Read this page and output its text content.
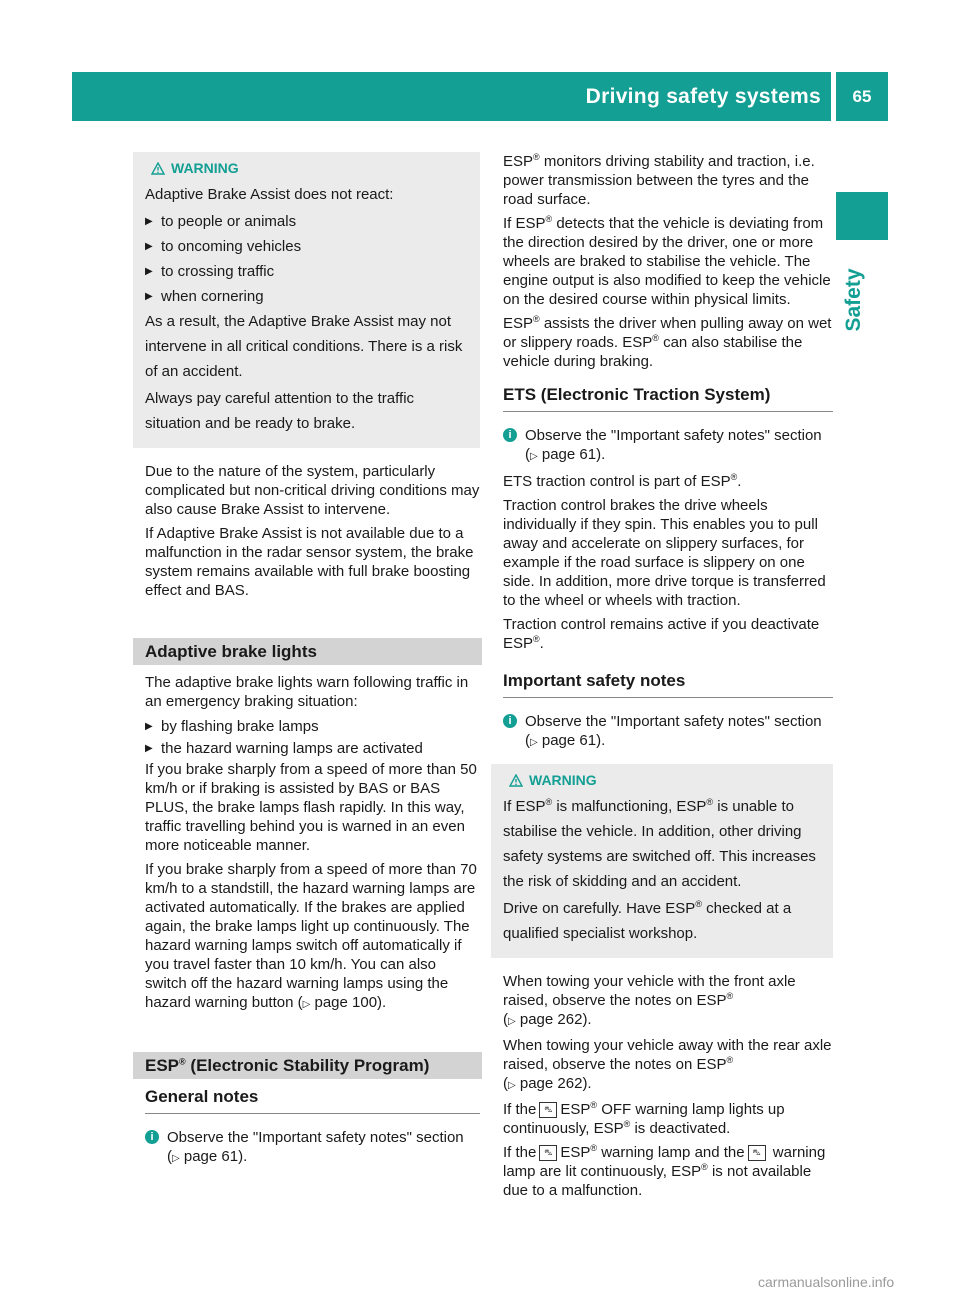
Driving safety systems	65
Safety
WARNING

Adaptive Brake Assist does not react:

▶ to people or animals
▶ to oncoming vehicles
▶ to crossing traffic
▶ when cornering

As a result, the Adaptive Brake Assist may not intervene in all critical conditions. There is a risk of an accident.

Always pay careful attention to the traffic situation and be ready to brake.

Due to the nature of the system, particularly complicated but non-critical driving conditions may also cause Brake Assist to intervene.

If Adaptive Brake Assist is not available due to a malfunction in the radar sensor system, the brake system remains available with full brake boosting effect and BAS.

Adaptive brake lights

The adaptive brake lights warn following traffic in an emergency braking situation:

▶ by flashing brake lamps
▶ the hazard warning lamps are activated

If you brake sharply from a speed of more than 50 km/h or if braking is assisted by BAS or BAS PLUS, the brake lamps flash rapidly. In this way, traffic travelling behind you is warned in an even more noticeable manner.

If you brake sharply from a speed of more than 70 km/h to a standstill, the hazard warning lamps are activated automatically. If the brakes are applied again, the brake lamps light up continuously. The hazard warning lamps switch off automatically if you travel faster than 10 km/h. You can also switch off the hazard warning lamps using the hazard warning button (▷ page 100).

ESP® (Electronic Stability Program)
General notes
i Observe the "Important safety notes" section (▷ page 61).

ESP® monitors driving stability and traction, i.e. power transmission between the tyres and the road surface.

If ESP® detects that the vehicle is deviating from the direction desired by the driver, one or more wheels are braked to stabilise the vehicle. The engine output is also modified to keep the vehicle on the desired course within physical limits.

ESP® assists the driver when pulling away on wet or slippery roads. ESP® can also stabilise the vehicle during braking.

ETS (Electronic Traction System)
i Observe the "Important safety notes" section (▷ page 61).

ETS traction control is part of ESP®.

Traction control brakes the drive wheels individually if they spin. This enables you to pull away and accelerate on slippery surfaces, for example if the road surface is slippery on one side. In addition, more drive torque is transferred to the wheel or wheels with traction.

Traction control remains active if you deactivate ESP®.

Important safety notes
i Observe the "Important safety notes" section (▷ page 61).
WARNING

If ESP® is malfunctioning, ESP® is unable to stabilise the vehicle. In addition, other driving safety systems are switched off. This increases the risk of skidding and an accident.

Drive on carefully. Have ESP® checked at a qualified specialist workshop.

When towing your vehicle with the front axle raised, observe the notes on ESP®
(▷ page 262).

When towing your vehicle away with the rear axle raised, observe the notes on ESP®
(▷ page 262).

If the ⛍ ESP® OFF warning lamp lights up continuously, ESP® is deactivated.

If the ⛍ ESP® warning lamp and the ⛍ warning lamp are lit continuously, ESP® is not available due to a malfunction.

carmanualsonline.info
